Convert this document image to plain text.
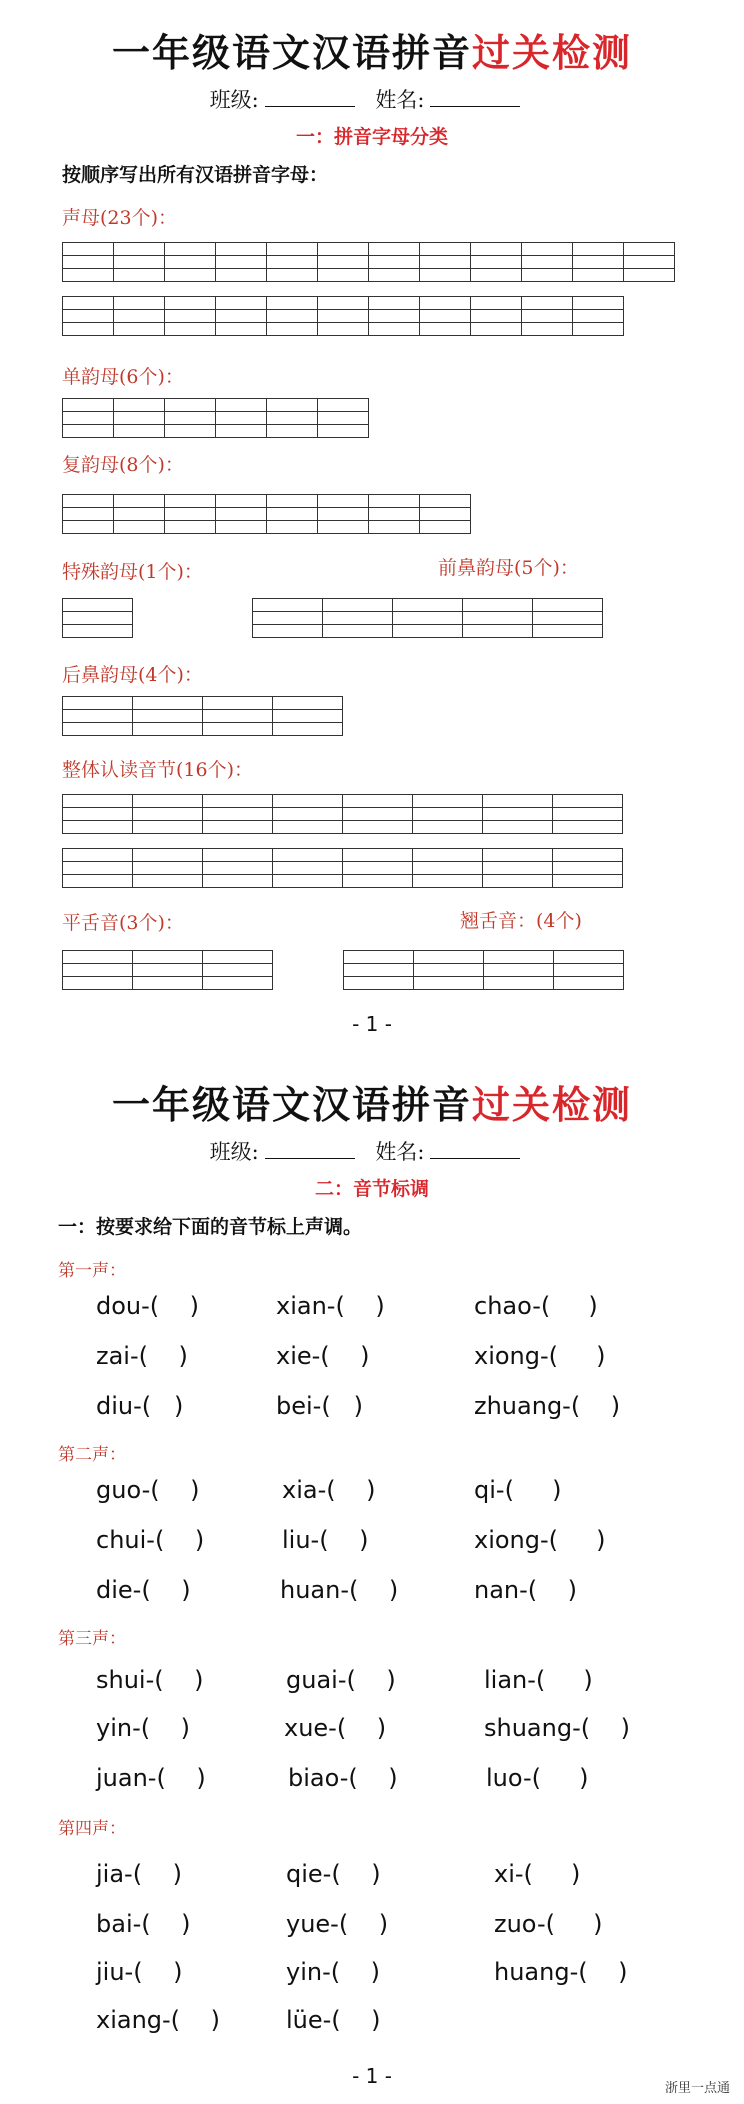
一年级语文汉语拼音过关检测
班级:	姓名:
一：拼音字母分类
按顺序写出所有汉语拼音字母：
声母(23个)：
单韵母(6个)：
复韵母(8个)：
特殊韵母(1个)：	前鼻韵母(5个)：
后鼻韵母(4个)：
整体认读音节(16个)：
平舌音(3个)：	翘舌音：(4个)
- 1 -
一年级语文汉语拼音过关检测
班级:	姓名:
二：音节标调
一：按要求给下面的音节标上声调。
第一声：
dou-(    )	xian-(    )	chao-(     )
zai-(    )	xie-(    )	xiong-(     )
diu-(   )	bei-(   )	zhuang-(    )
第二声：
guo-(    )	xia-(    )	qi-(     )
chui-(    )	liu-(    )	xiong-(     )
die-(    )	huan-(    )	nan-(    )
第三声：
shui-(    )	guai-(    )	lian-(     )
yin-(    )	xue-(    )	shuang-(    )
juan-(    )	biao-(    )	luo-(     )
第四声：
jia-(    )	qie-(    )	xi-(     )
bai-(    )	yue-(    )	zuo-(     )
jiu-(    )	yin-(    )	huang-(    )
xiang-(    )	lüe-(    )
- 1 -
浙里一点通
